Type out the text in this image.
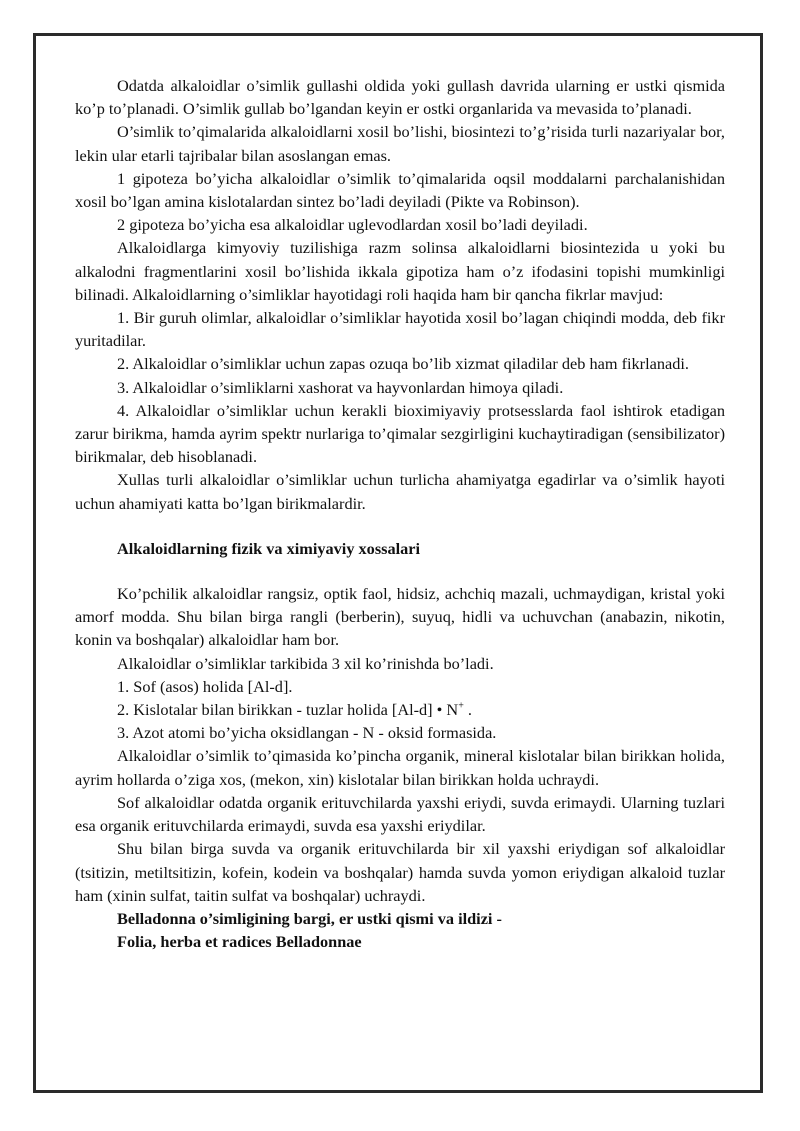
Odatda alkaloidlar o’simlik gullashi oldida yoki gullash davrida ularning er ustki qismida ko’p to’planadi. O’simlik gullab bo’lgandan keyin er ostki organlarida va mevasida to’planadi.

O’simlik to’qimalarida alkaloidlarni xosil bo’lishi, biosintezi to’g’risida turli nazariyalar bor, lekin ular etarli tajribalar bilan asoslangan emas.

1 gipoteza bo’yicha alkaloidlar o’simlik to’qimalarida oqsil moddalarni parchalanishidan xosil bo’lgan amina kislotalardan sintez bo’ladi deyiladi (Pikte va Robinson).

2 gipoteza bo’yicha esa alkaloidlar uglevodlardan xosil bo’ladi deyiladi.

Alkaloidlarga kimyoviy tuzilishiga razm solinsa alkaloidlarni biosintezida u yoki bu alkalodni fragmentlarini xosil bo’lishida ikkala gipotiza ham o’z ifodasini topishi mumkinligi bilinadi. Alkaloidlarning o’simliklar hayotidagi roli haqida ham bir qancha fikrlar mavjud:

1. Bir guruh olimlar, alkaloidlar o’simliklar hayotida xosil bo’lagan chiqindi modda, deb fikr yuritadilar.

2. Alkaloidlar o’simliklar uchun zapas ozuqa bo’lib xizmat qiladilar deb ham fikrlanadi.

3. Alkaloidlar o’simliklarni xashorat va hayvonlardan himoya qiladi.

4. Alkaloidlar o’simliklar uchun kerakli bioximiyaviy protsesslarda faol ishtirok etadigan zarur birikma, hamda ayrim spektr nurlariga to’qimalar sezgirligini kuchaytiradigan (sensibilizator) birikmalar, deb hisoblanadi.

Xullas turli alkaloidlar o’simliklar uchun turlicha ahamiyatga egadirlar va o’simlik hayoti uchun ahamiyati katta bo’lgan birikmalardir.

Alkaloidlarning fizik va ximiyaviy xossalari

Ko’pchilik alkaloidlar rangsiz, optik faol, hidsiz, achchiq mazali, uchmaydigan, kristal yoki amorf modda. Shu bilan birga rangli (berberin), suyuq, hidli va uchuvchan (anabazin, nikotin, konin va boshqalar) alkaloidlar ham bor.

Alkaloidlar o’simliklar tarkibida 3 xil ko’rinishda bo’ladi.

1. Sof (asos) holida [Al-d].

2. Kislotalar bilan birikkan - tuzlar holida [Al-d] • N+ .

3. Azot atomi bo’yicha oksidlangan - N - oksid formasida.

Alkaloidlar o’simlik to’qimasida ko’pincha organik, mineral kislotalar bilan birikkan holida, ayrim hollarda o’ziga xos, (mekon, xin) kislotalar bilan birikkan holda uchraydi.

Sof alkaloidlar odatda organik erituvchilarda yaxshi eriydi, suvda erimaydi. Ularning tuzlari esa organik erituvchilarda erimaydi, suvda esa yaxshi eriydilar.

Shu bilan birga suvda va organik erituvchilarda bir xil yaxshi eriydigan sof alkaloidlar (tsitizin, metiltsitizin, kofein, kodein va boshqalar) hamda suvda yomon eriydigan alkaloid tuzlar ham (xinin sulfat, taitin sulfat va boshqalar) uchraydi.

Belladonna o’simligining bargi, er ustki qismi va ildizi -

Folia, herba et radices Belladonnae
